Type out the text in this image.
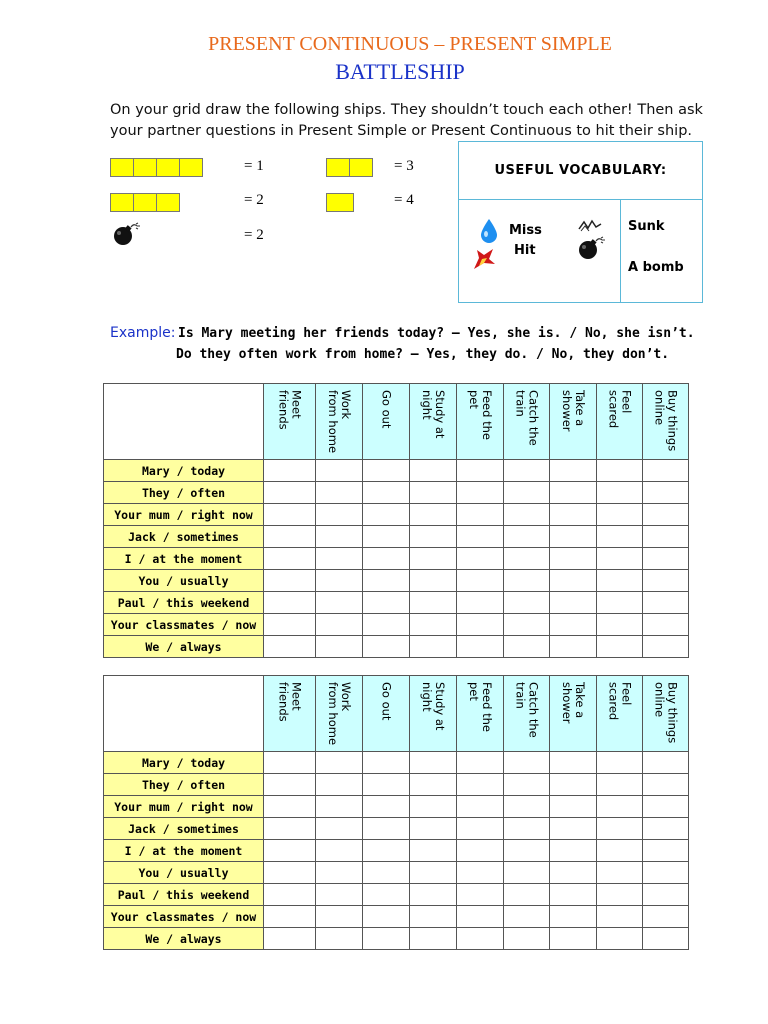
PRESENT CONTINUOUS – PRESENT SIMPLE
BATTLESHIP
On your grid draw the following ships. They shouldn’t touch each other! Then ask your partner questions in Present Simple or Present Continuous to hit their ship.
= 1
= 2
= 2
= 3
= 4
USEFUL VOCABULARY:
Miss
Hit
Sunk
A bomb
Example: Is Mary meeting her friends today? – Yes, she is. / No, she isn’t.
Do they often work from home? – Yes, they do. / No, they don’t.

	Meet
friends	Work
from home	Go out	Study at
night	Feed the
pet	Catch the
train	Take a
shower	Feel
scared	Buy things
online

Mary / today									
They / often									
Your mum / right now									
Jack / sometimes									
I / at the moment									
You / usually									
Paul / this weekend									
Your classmates / now									
We / always									

	Meet
friends	Work
from home	Go out	Study at
night	Feed the
pet	Catch the
train	Take a
shower	Feel
scared	Buy things
online

Mary / today									
They / often									
Your mum / right now									
Jack / sometimes									
I / at the moment									
You / usually									
Paul / this weekend									
Your classmates / now									
We / always									
